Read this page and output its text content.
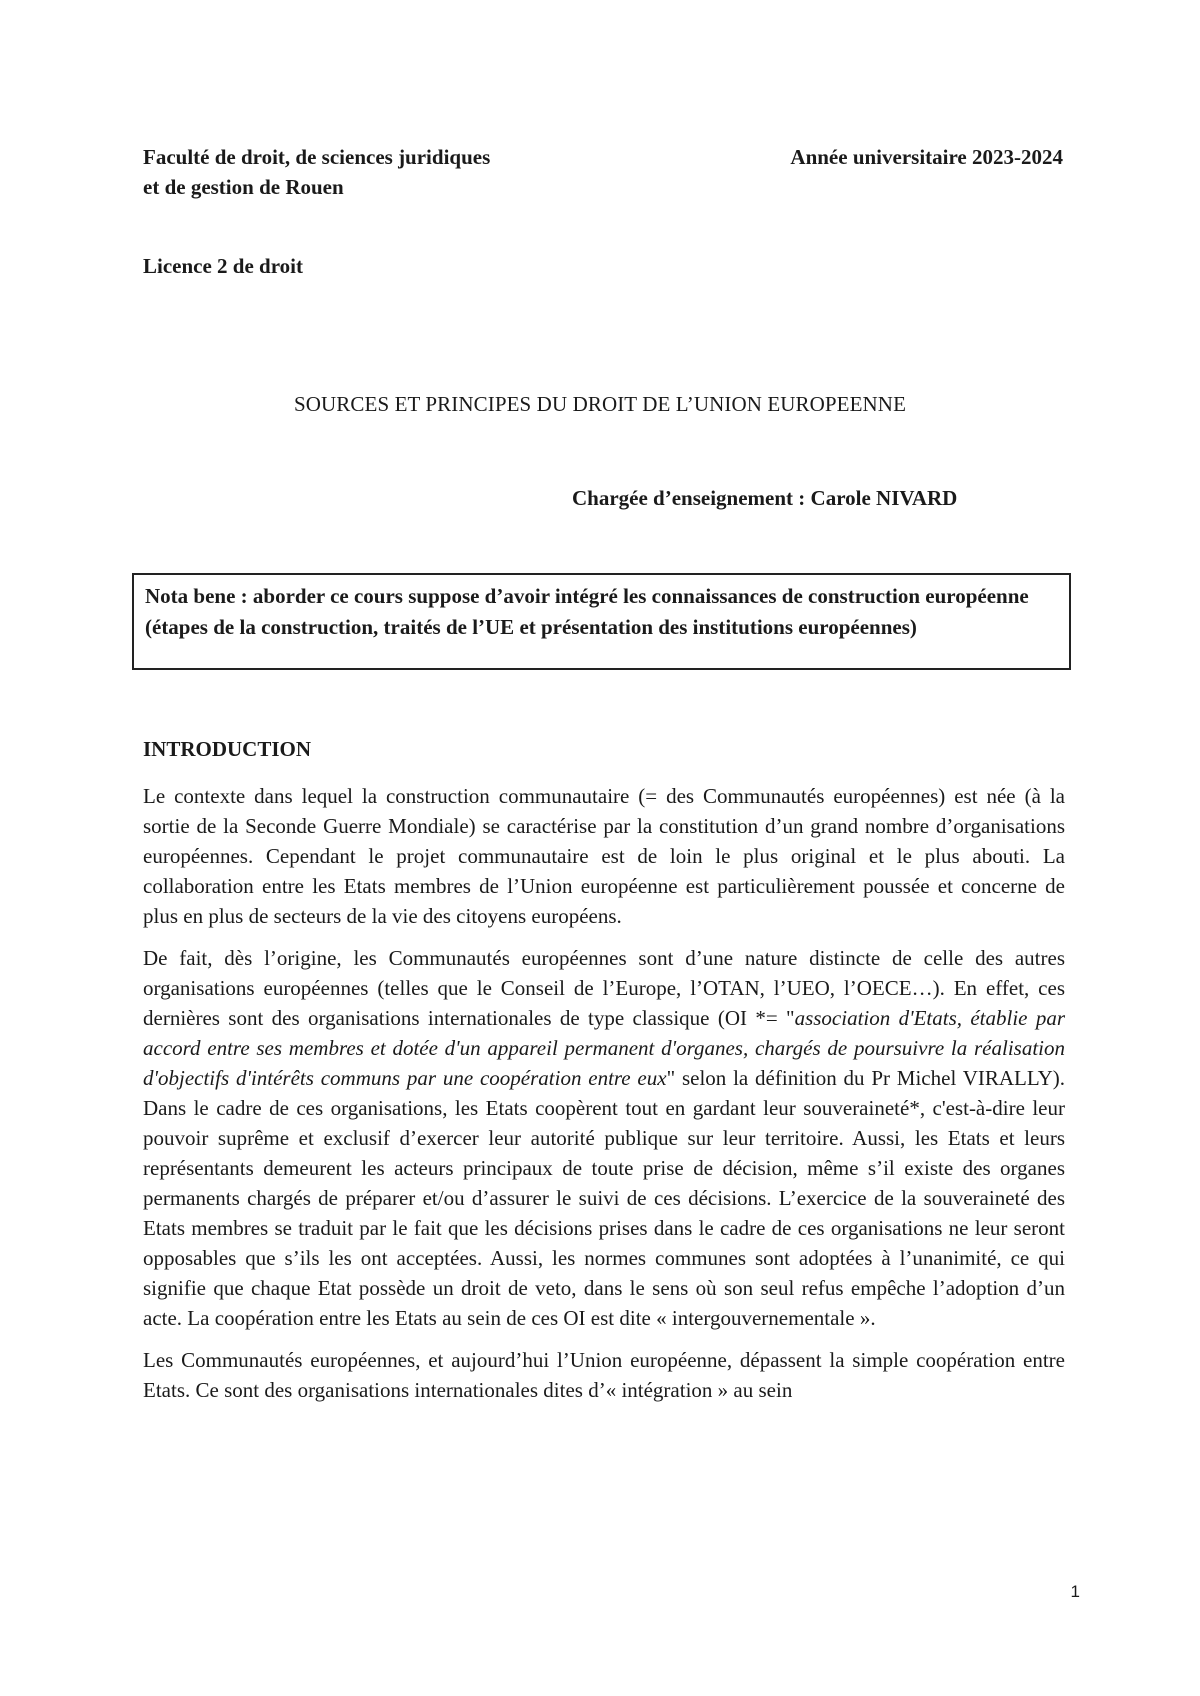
Faculté de droit, de sciences juridiques
et de gestion de Rouen
Année universitaire 2023-2024
Licence 2 de droit
SOURCES ET PRINCIPES DU DROIT DE L’UNION EUROPEENNE
Chargée d’enseignement : Carole NIVARD
Nota bene : aborder ce cours suppose d’avoir intégré les connaissances de construction européenne (étapes de la construction, traités de l’UE et présentation des institutions européennes)
INTRODUCTION

Le contexte dans lequel la construction communautaire (= des Communautés européennes) est née (à la sortie de la Seconde Guerre Mondiale) se caractérise par la constitution d’un grand nombre d’organisations européennes. Cependant le projet communautaire est de loin le plus original et le plus abouti. La collaboration entre les Etats membres de l’Union européenne est particulièrement poussée et concerne de plus en plus de secteurs de la vie des citoyens européens.

De fait, dès l’origine, les Communautés européennes sont d’une nature distincte de celle des autres organisations européennes (telles que le Conseil de l’Europe, l’OTAN, l’UEO, l’OECE…). En effet, ces dernières sont des organisations internationales de type classique (OI *= "association d'Etats, établie par accord entre ses membres et dotée d'un appareil permanent d'organes, chargés de poursuivre la réalisation d'objectifs d'intérêts communs par une coopération entre eux" selon la définition du Pr Michel VIRALLY). Dans le cadre de ces organisations, les Etats coopèrent tout en gardant leur souveraineté*, c'est-à-dire leur pouvoir suprême et exclusif d’exercer leur autorité publique sur leur territoire. Aussi, les Etats et leurs représentants demeurent les acteurs principaux de toute prise de décision, même s’il existe des organes permanents chargés de préparer et/ou d’assurer le suivi de ces décisions. L’exercice de la souveraineté des Etats membres se traduit par le fait que les décisions prises dans le cadre de ces organisations ne leur seront opposables que s’ils les ont acceptées. Aussi, les normes communes sont adoptées à l’unanimité, ce qui signifie que chaque Etat possède un droit de veto, dans le sens où son seul refus empêche l’adoption d’un acte. La coopération entre les Etats au sein de ces OI est dite « intergouvernementale ».

Les Communautés européennes, et aujourd’hui l’Union européenne, dépassent la simple coopération entre Etats. Ce sont des organisations internationales dites d’« intégration » au sein

1
